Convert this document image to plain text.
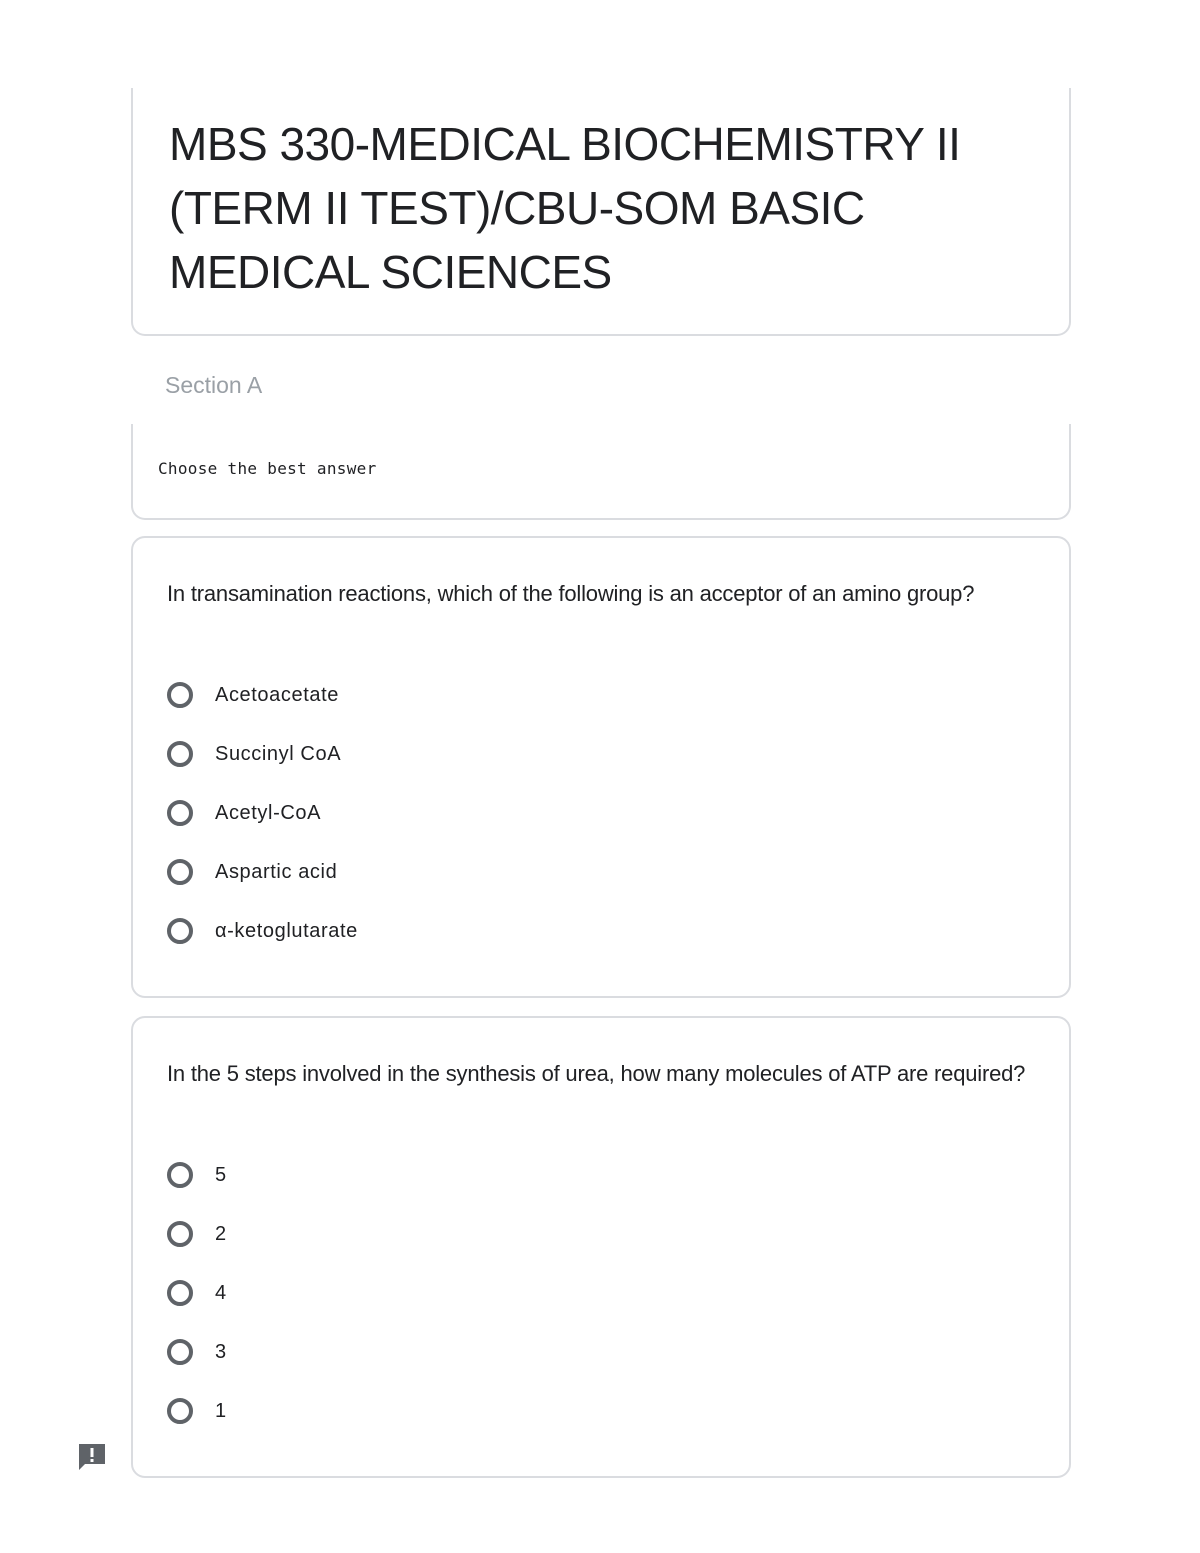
MBS 330-MEDICAL BIOCHEMISTRY II (TERM II TEST)/CBU-SOM BASIC MEDICAL SCIENCES
Section A
Choose the best answer
In transamination reactions, which of the following is an acceptor of an amino group?
Acetoacetate
Succinyl CoA
Acetyl-CoA
Aspartic acid
α-ketoglutarate
In the 5 steps involved in the synthesis of urea, how many molecules of ATP are required?
5
2
4
3
1
